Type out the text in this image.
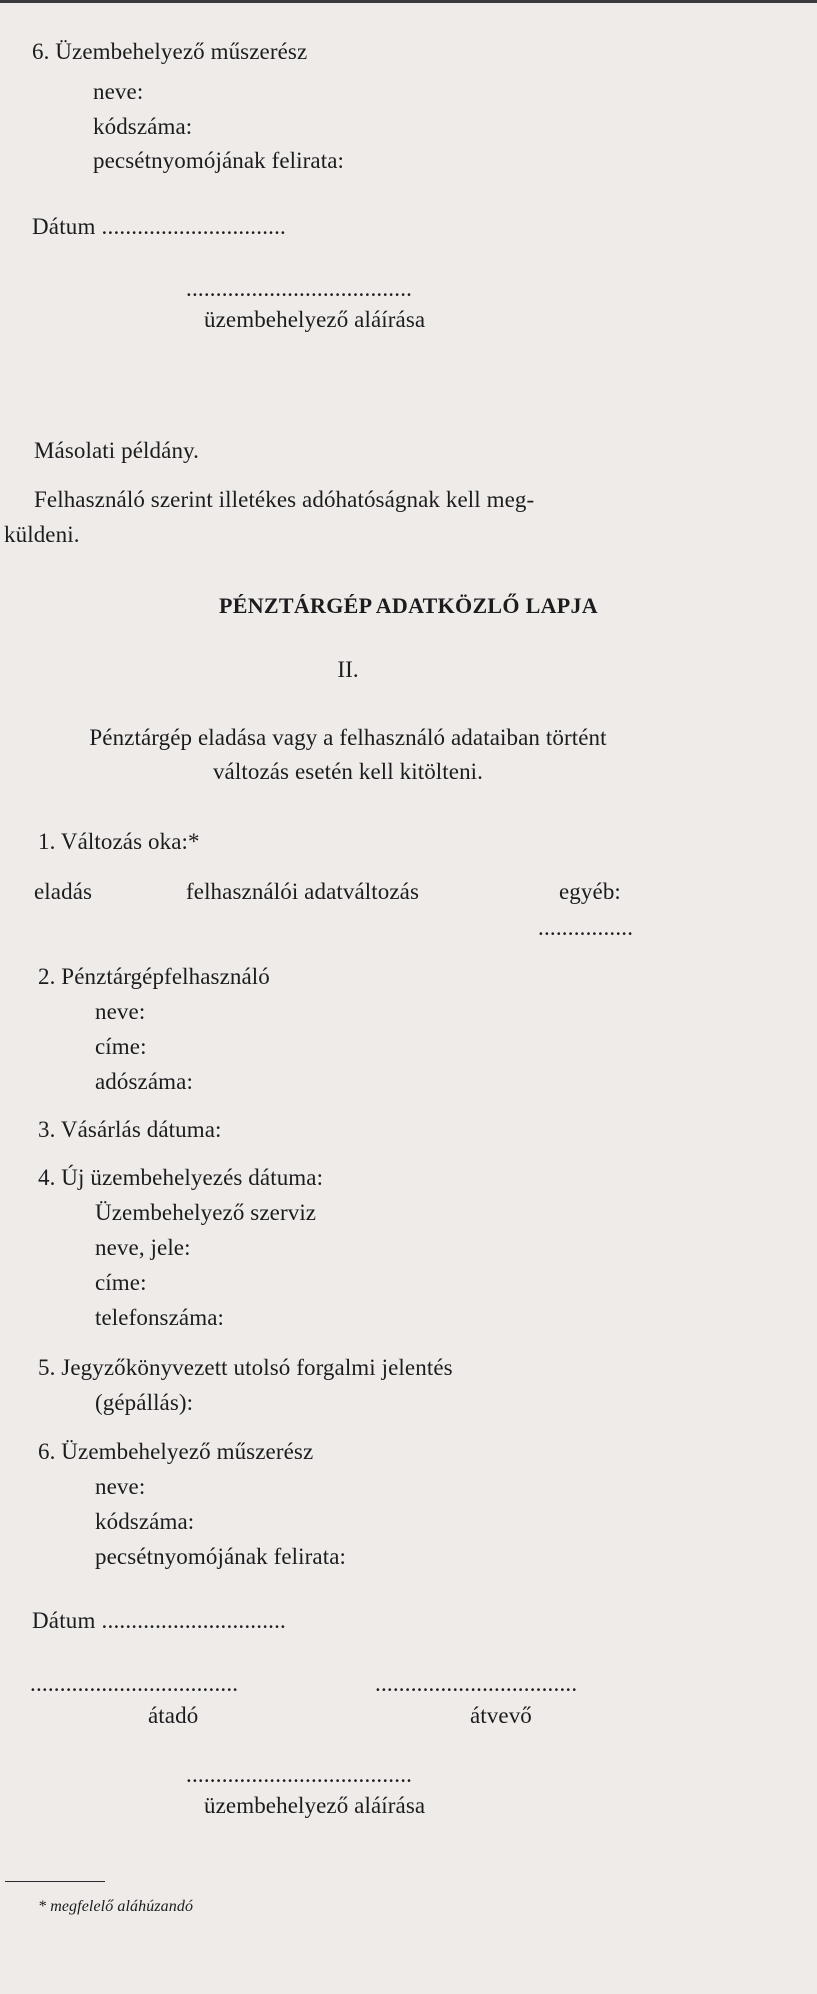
6. Üzembehelyező műszerész
neve:
kódszáma:
pecsétnyomójának felirata:
Dátum ...............................
......................................
üzembehelyező aláírása
Másolati példány.
Felhasználó szerint illetékes adóhatóságnak kell meg-
küldeni.
PÉNZTÁRGÉP ADATKÖZLŐ LAPJA
II.
Pénztárgép eladása vagy a felhasználó adataiban történt
változás esetén kell kitölteni.
1. Változás oka:*
eladás	felhasználói adatváltozás	egyéb:
................
2. Pénztárgépfelhasználó
neve:
címe:
adószáma:
3. Vásárlás dátuma:
4. Új üzembehelyezés dátuma:
Üzembehelyező szerviz
neve, jele:
címe:
telefonszáma:
5. Jegyzőkönyvezett utolsó forgalmi jelentés
(gépállás):
6. Üzembehelyező műszerész
neve:
kódszáma:
pecsétnyomójának felirata:
Dátum ...............................
...................................	..................................
átadó	átvevő
......................................
üzembehelyező aláírása
* megfelelő aláhúzandó
